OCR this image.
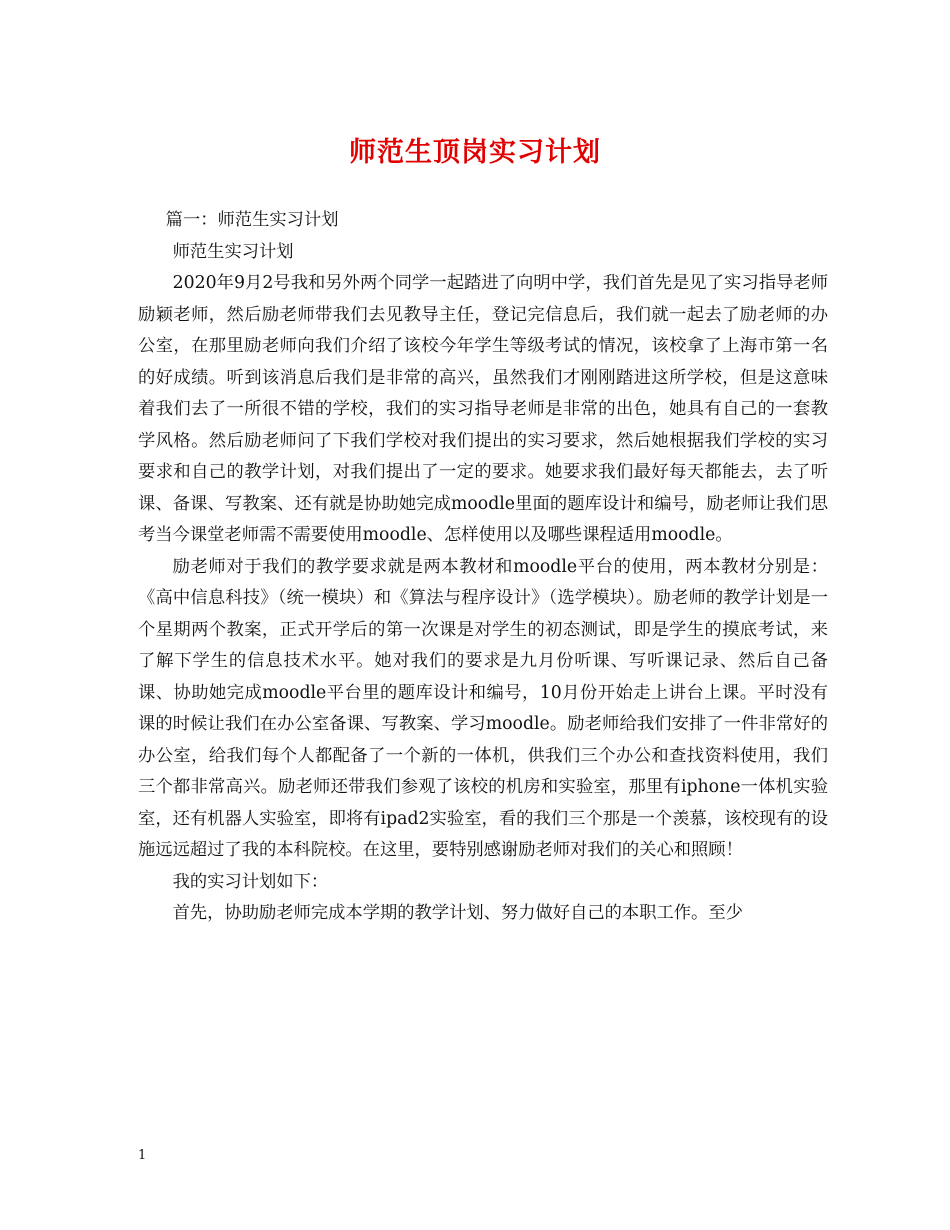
师范生顶岗实习计划

篇一：师范生实习计划

师范生实习计划

2020年9月2号我和另外两个同学一起踏进了向明中学，我们首先是见了实习指导老师励颖老师，然后励老师带我们去见教导主任，登记完信息后，我们就一起去了励老师的办公室，在那里励老师向我们介绍了该校今年学生等级考试的情况，该校拿了上海市第一名的好成绩。听到该消息后我们是非常的高兴，虽然我们才刚刚踏进这所学校，但是这意味着我们去了一所很不错的学校，我们的实习指导老师是非常的出色，她具有自己的一套教学风格。然后励老师问了下我们学校对我们提出的实习要求，然后她根据我们学校的实习要求和自己的教学计划，对我们提出了一定的要求。她要求我们最好每天都能去，去了听课、备课、写教案、还有就是协助她完成moodle里面的题库设计和编号，励老师让我们思考当今课堂老师需不需要使用moodle、怎样使用以及哪些课程适用moodle。

励老师对于我们的教学要求就是两本教材和moodle平台的使用，两本教材分别是：《高中信息科技》（统一模块）和《算法与程序设计》（选学模块）。励老师的教学计划是一个星期两个教案，正式开学后的第一次课是对学生的初态测试，即是学生的摸底考试，来了解下学生的信息技术水平。她对我们的要求是九月份听课、写听课记录、然后自己备课、协助她完成moodle平台里的题库设计和编号，10月份开始走上讲台上课。平时没有课的时候让我们在办公室备课、写教案、学习moodle。励老师给我们安排了一件非常好的办公室，给我们每个人都配备了一个新的一体机，供我们三个办公和查找资料使用，我们三个都非常高兴。励老师还带我们参观了该校的机房和实验室，那里有iphone一体机实验室，还有机器人实验室，即将有ipad2实验室，看的我们三个那是一个羡慕，该校现有的设施远远超过了我的本科院校。在这里，要特别感谢励老师对我们的关心和照顾！

我的实习计划如下：

首先，协助励老师完成本学期的教学计划、努力做好自己的本职工作。至少

1
